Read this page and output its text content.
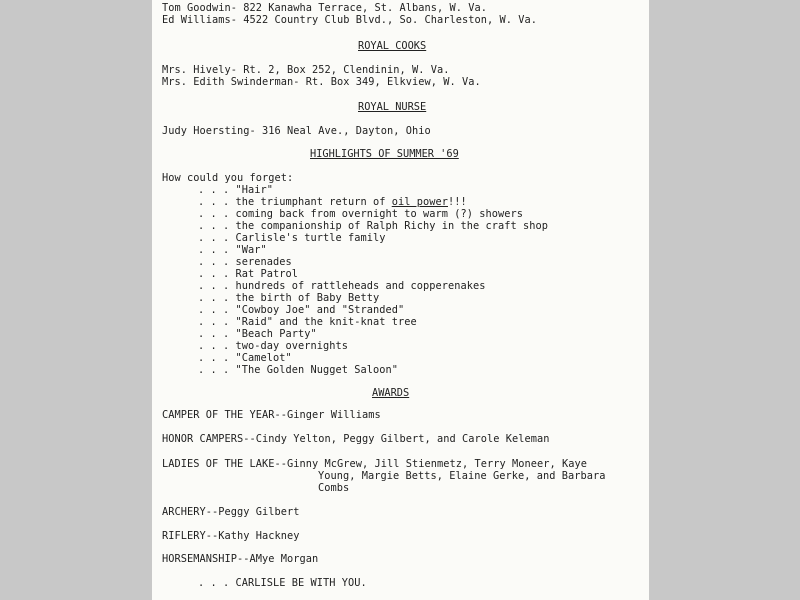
Tom Goodwin- 822 Kanawha Terrace, St. Albans, W. Va.
Ed Williams- 4522 Country Club Blvd., So. Charleston, W. Va.
ROYAL COOKS
Mrs. Hively- Rt. 2, Box 252, Clendinin, W. Va.
Mrs. Edith Swinderman- Rt. Box 349, Elkview, W. Va.
ROYAL NURSE
Judy Hoersting- 316 Neal Ave., Dayton, Ohio
HIGHLIGHTS OF SUMMER '69
How could you forget:
. . . "Hair"
. . . the triumphant return of oil power!!!
. . . coming back from overnight to warm (?) showers
. . . the companionship of Ralph Richy in the craft shop
. . . Carlisle's turtle family
. . . "War"
. . . serenades
. . . Rat Patrol
. . . hundreds of rattleheads and copperenakes
. . . the birth of Baby Betty
. . . "Cowboy Joe" and "Stranded"
. . . "Raid" and the knit-knat tree
. . . "Beach Party"
. . . two-day overnights
. . . "Camelot"
. . . "The Golden Nugget Saloon"
AWARDS
CAMPER OF THE YEAR--Ginger Williams
HONOR CAMPERS--Cindy Yelton, Peggy Gilbert, and Carole Keleman
LADIES OF THE LAKE--Ginny McGrew, Jill Stienmetz, Terry Moneer, Kaye
Young, Margie Betts, Elaine Gerke, and Barbara
Combs
ARCHERY--Peggy Gilbert
RIFLERY--Kathy Hackney
HORSEMANSHIP--AMye Morgan
. . . CARLISLE BE WITH YOU.
